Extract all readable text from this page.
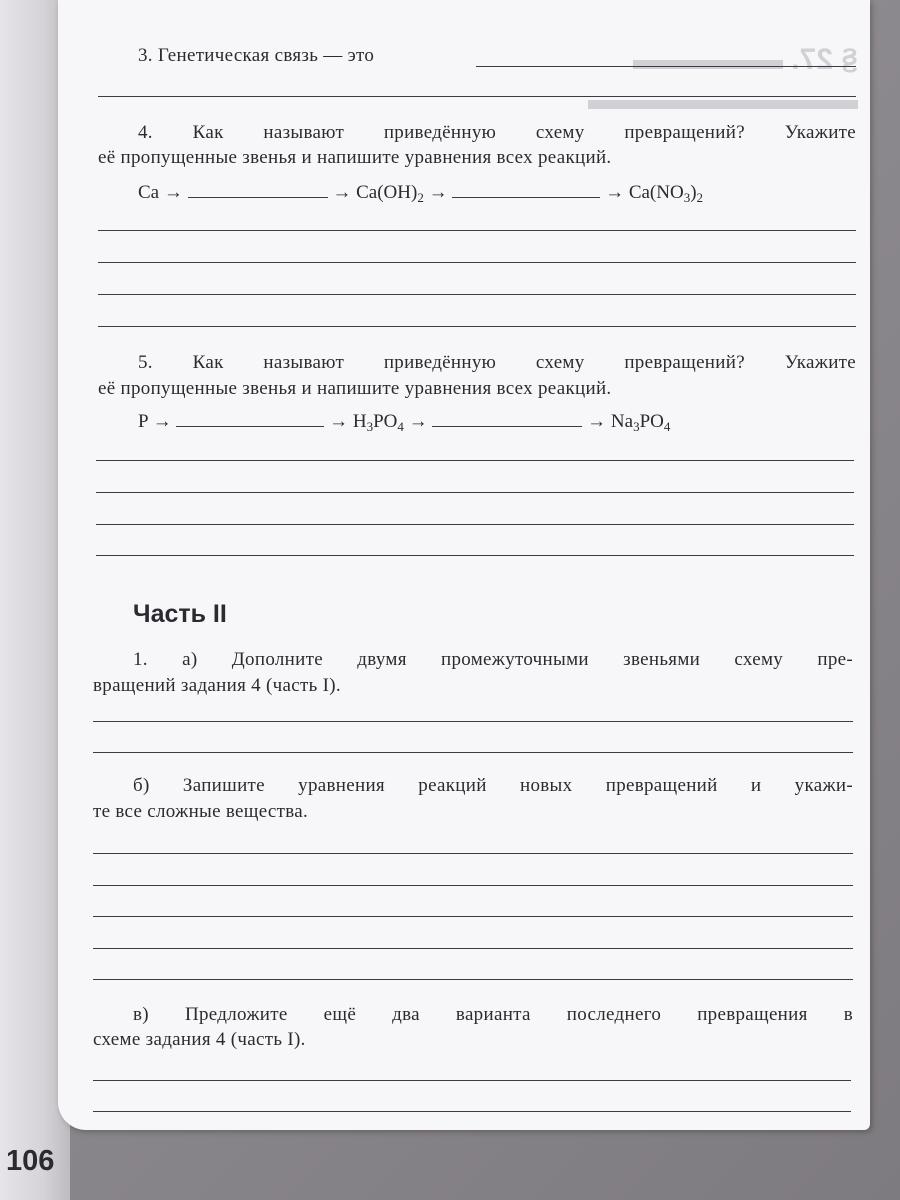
§ 27. ▬▬▬▬▬
▬▬▬▬▬▬▬▬▬
3. Генетическая связь — это
4. Как называют приведённую схему превращений? Укажите
её пропущенные звенья и напишите уравнения всех реакций.
Ca →	→ $Ca(OH)_2$ →	→ $Ca(NO_3)_2$
5. Как называют приведённую схему превращений? Укажите
её пропущенные звенья и напишите уравнения всех реакций.
P →	→ $H_3PO_4$ →	→ $Na_3PO_4$
Часть II
1. а) Дополните двумя промежуточными звеньями схему пре-
вращений задания 4 (часть I).
б) Запишите уравнения реакций новых превращений и укажи-
те все сложные вещества.
в) Предложите ещё два варианта последнего превращения в
схеме задания 4 (часть I).
106
